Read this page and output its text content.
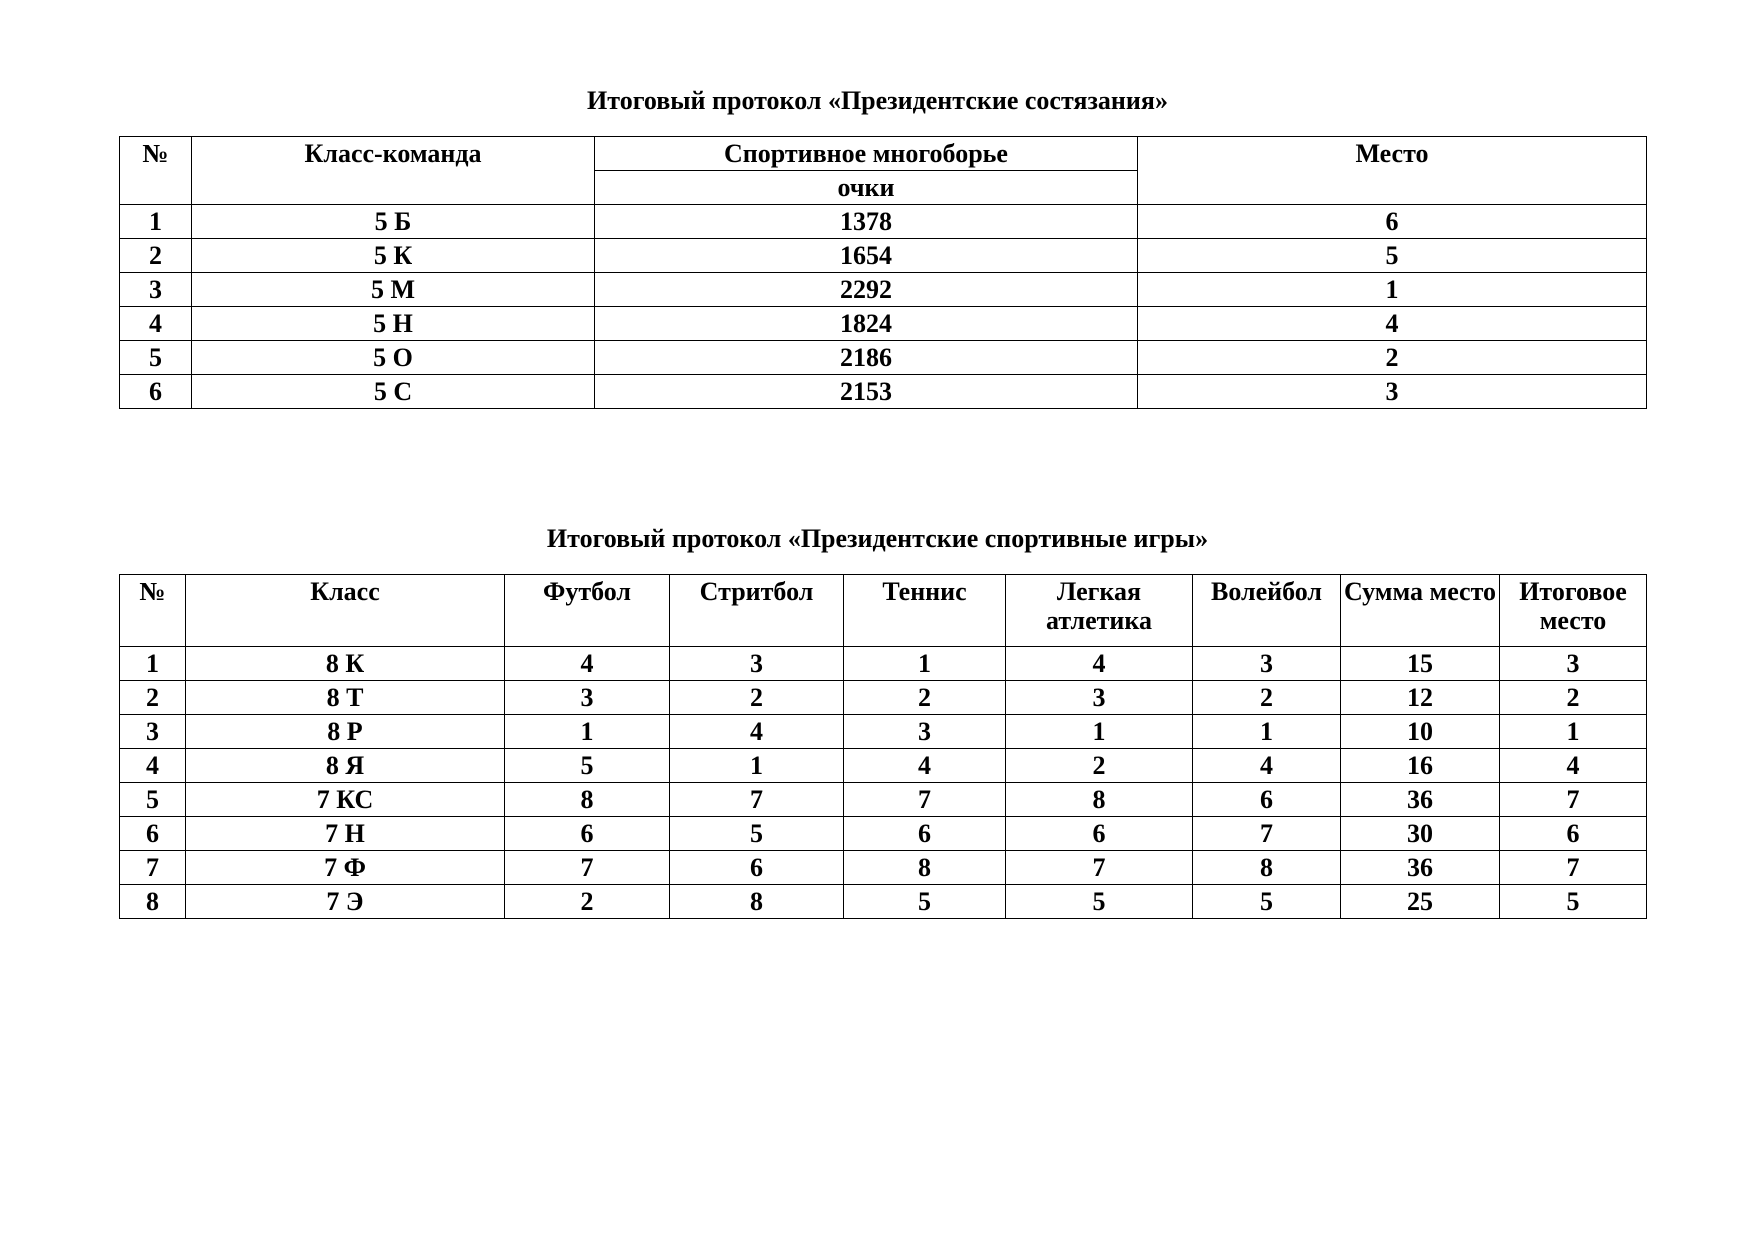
Итоговый протокол «Президентские состязания»
№	Класс-команда	Спортивное многоборье	Место
		очки	
1	5 Б	1378	6
2	5 К	1654	5
3	5 М	2292	1
4	5 Н	1824	4
5	5 О	2186	2
6	5 С	2153	3
Итоговый протокол «Президентские спортивные игры»
№	Класс	Футбол	Стритбол	Теннис	Легкая атлетика	Волейбол	Сумма место	Итоговое место
1	8 К	4	3	1	4	3	15	3
2	8 Т	3	2	2	3	2	12	2
3	8 Р	1	4	3	1	1	10	1
4	8 Я	5	1	4	2	4	16	4
5	7 КС	8	7	7	8	6	36	7
6	7 Н	6	5	6	6	7	30	6
7	7 Ф	7	6	8	7	8	36	7
8	7 Э	2	8	5	5	5	25	5
